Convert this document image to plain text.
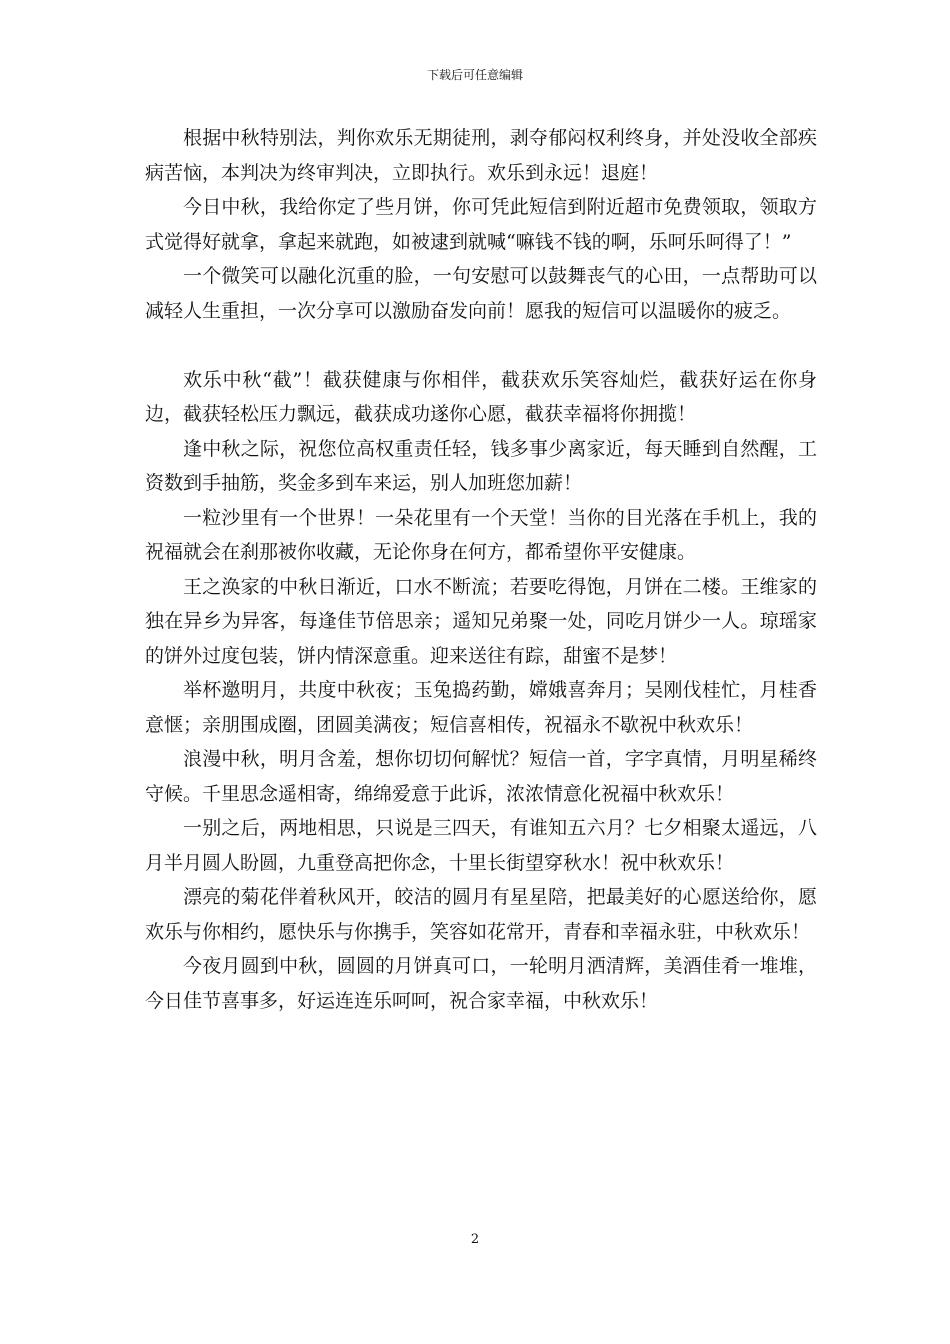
下载后可任意编辑

根据中秋特别法，判你欢乐无期徒刑，剥夺郁闷权利终身，并处没收全部疾病苦恼，本判决为终审判决，立即执行。欢乐到永远！退庭！

今日中秋，我给你定了些月饼，你可凭此短信到附近超市免费领取，领取方式觉得好就拿，拿起来就跑，如被逮到就喊“嘛钱不钱的啊，乐呵乐呵得了！”

一个微笑可以融化沉重的脸，一句安慰可以鼓舞丧气的心田，一点帮助可以减轻人生重担，一次分享可以激励奋发向前！愿我的短信可以温暖你的疲乏。

欢乐中秋“截”！截获健康与你相伴，截获欢乐笑容灿烂，截获好运在你身边，截获轻松压力飘远，截获成功遂你心愿，截获幸福将你拥揽！

逢中秋之际，祝您位高权重责任轻，钱多事少离家近，每天睡到自然醒，工资数到手抽筋，奖金多到车来运，别人加班您加薪！

一粒沙里有一个世界！一朵花里有一个天堂！当你的目光落在手机上，我的祝福就会在刹那被你收藏，无论你身在何方，都希望你平安健康。

王之涣家的中秋日渐近，口水不断流；若要吃得饱，月饼在二楼。王维家的独在异乡为异客，每逢佳节倍思亲；遥知兄弟聚一处，同吃月饼少一人。琼瑶家的饼外过度包装，饼内情深意重。迎来送往有踪，甜蜜不是梦！

举杯邀明月，共度中秋夜；玉兔捣药勤，嫦娥喜奔月；吴刚伐桂忙，月桂香意惬；亲朋围成圈，团圆美满夜；短信喜相传，祝福永不歇祝中秋欢乐！

浪漫中秋，明月含羞，想你切切何解忧？短信一首，字字真情，月明星稀终守候。千里思念遥相寄，绵绵爱意于此诉，浓浓情意化祝福中秋欢乐！

一别之后，两地相思，只说是三四天，有谁知五六月？七夕相聚太遥远，八月半月圆人盼圆，九重登高把你念，十里长街望穿秋水！祝中秋欢乐！

漂亮的菊花伴着秋风开，皎洁的圆月有星星陪，把最美好的心愿送给你，愿欢乐与你相约，愿快乐与你携手，笑容如花常开，青春和幸福永驻，中秋欢乐！

今夜月圆到中秋，圆圆的月饼真可口，一轮明月洒清辉，美酒佳肴一堆堆，今日佳节喜事多，好运连连乐呵呵，祝合家幸福，中秋欢乐！

2
